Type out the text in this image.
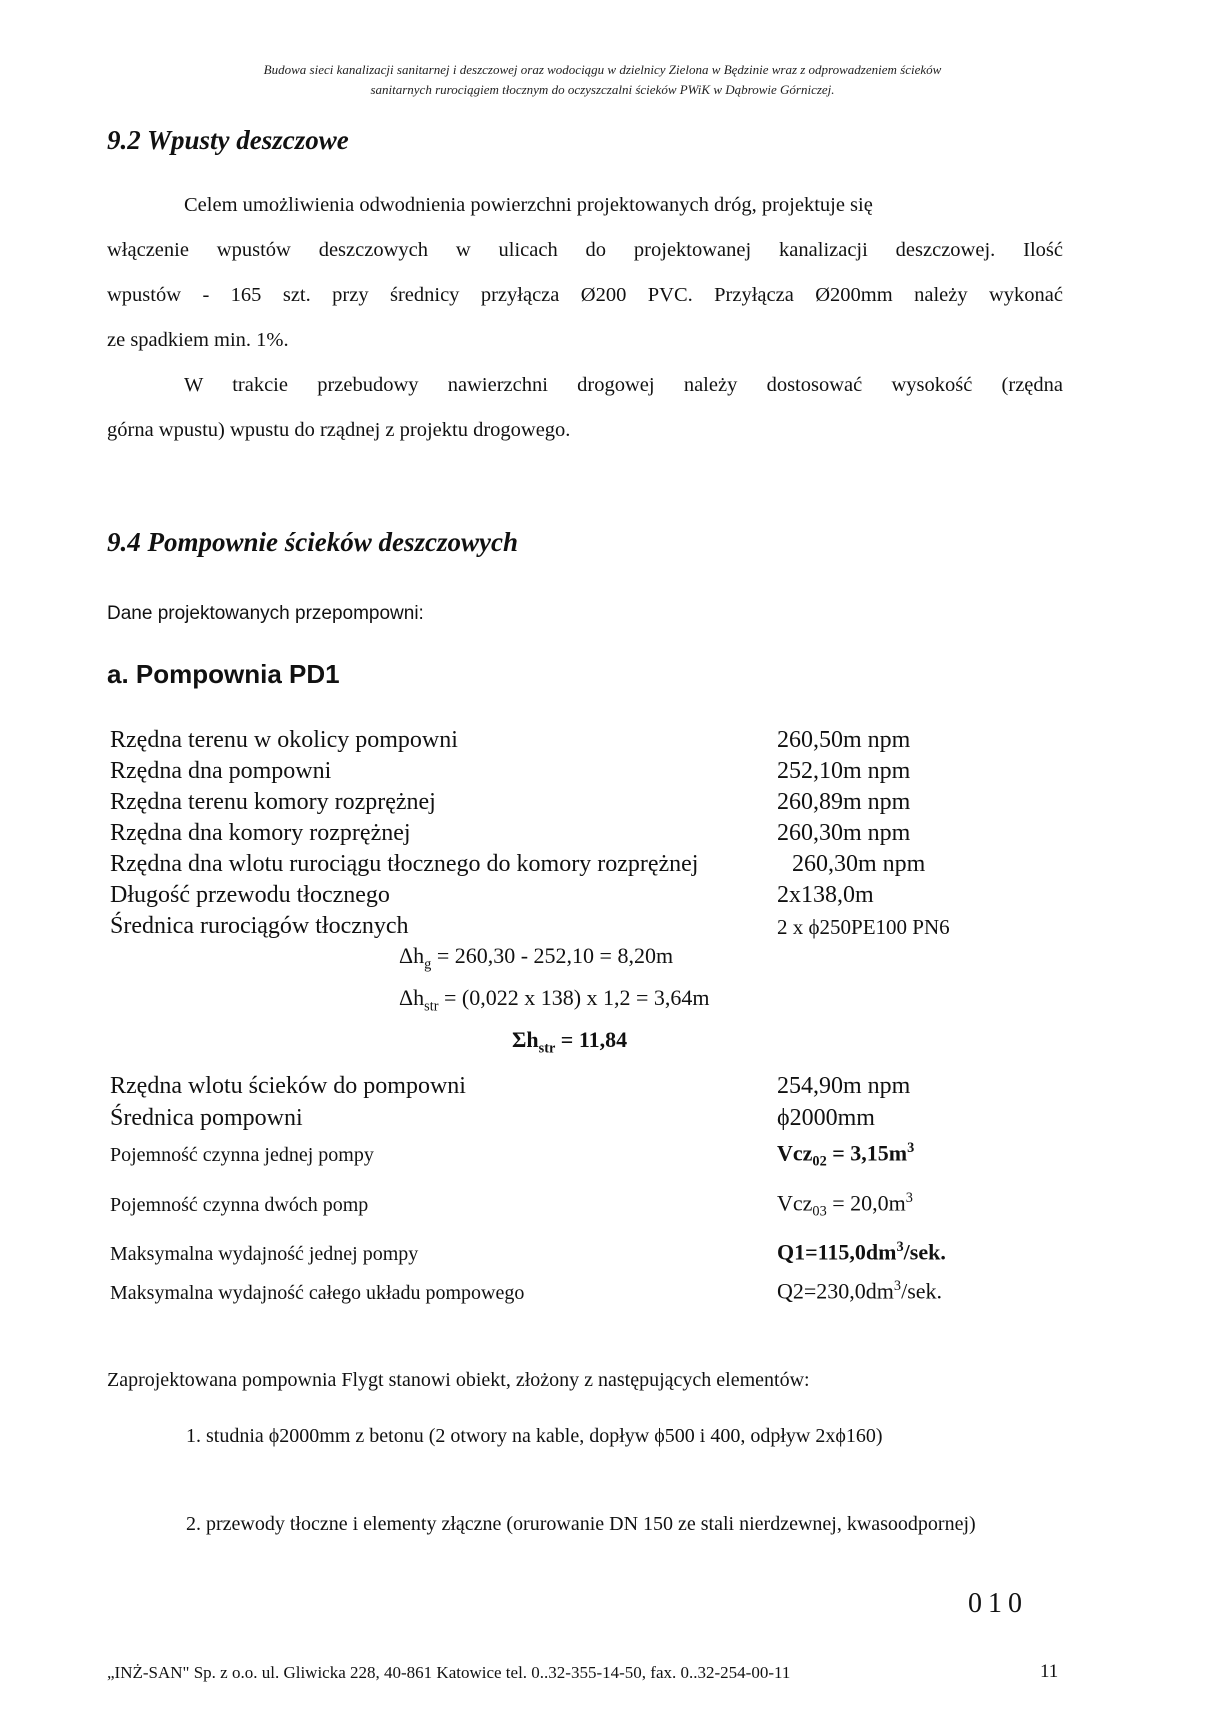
Budowa sieci kanalizacji sanitarnej i deszczowej oraz wodociągu w dzielnicy Zielona w Będzinie wraz z odprowadzeniem ścieków
sanitarnych rurociągiem tłocznym do oczyszczalni ścieków PWiK w Dąbrowie Górniczej.
9.2 Wpusty deszczowe
Celem umożliwienia odwodnienia powierzchni projektowanych dróg, projektuje się
włączenie wpustów deszczowych w ulicach do projektowanej kanalizacji deszczowej. Ilość
wpustów - 165 szt. przy średnicy przyłącza Ø200 PVC. Przyłącza Ø200mm należy wykonać
ze spadkiem min. 1%.
W trakcie przebudowy nawierzchni drogowej należy dostosować wysokość (rzędna
górna wpustu) wpustu do rządnej z projektu drogowego.
9.4 Pompownie ścieków deszczowych
Dane projektowanych przepompowni:
a. Pompownia PD1
Rzędna terenu w okolicy pompowni	260,50m npm
Rzędna dna pompowni	252,10m npm
Rzędna terenu komory rozprężnej	260,89m npm
Rzędna dna komory rozprężnej	260,30m npm
Rzędna dna wlotu rurociągu tłocznego do komory rozprężnej	260,30m npm
Długość przewodu tłocznego	2x138,0m
Średnica rurociągów tłocznych	2 x ϕ250PE100 PN6
$\Delta h_g = 260,30 - 252,10 = 8,20m$
$\Delta h_{str} = (0,022$ x 138) x 1,2 = 3,64m
$\Sigma h_{str} = 11,84$
Rzędna wlotu ścieków do pompowni	254,90m npm
Średnica pompowni	ϕ2000mm
Pojemność czynna jednej pompy	$Vcz_{02} = 3,15m^3$
Pojemność czynna dwóch pomp	$Vcz_{03} = 20,0m^3$
Maksymalna wydajność jednej pompy	$Q1=115,0dm^3$/sek.
Maksymalna wydajność całego układu pompowego	$Q2=230,0dm^3$/sek.
Zaprojektowana pompownia Flygt stanowi obiekt, złożony z następujących elementów:
1. studnia ϕ2000mm z betonu (2 otwory na kable, dopływ ϕ500 i 400, odpływ 2xϕ160)
2. przewody tłoczne i elementy złączne (orurowanie DN 150 ze stali nierdzewnej, kwasoodpornej)
010
„INŻ-SAN" Sp. z o.o. ul. Gliwicka 228, 40-861 Katowice tel. 0..32-355-14-50, fax. 0..32-254-00-11	11
